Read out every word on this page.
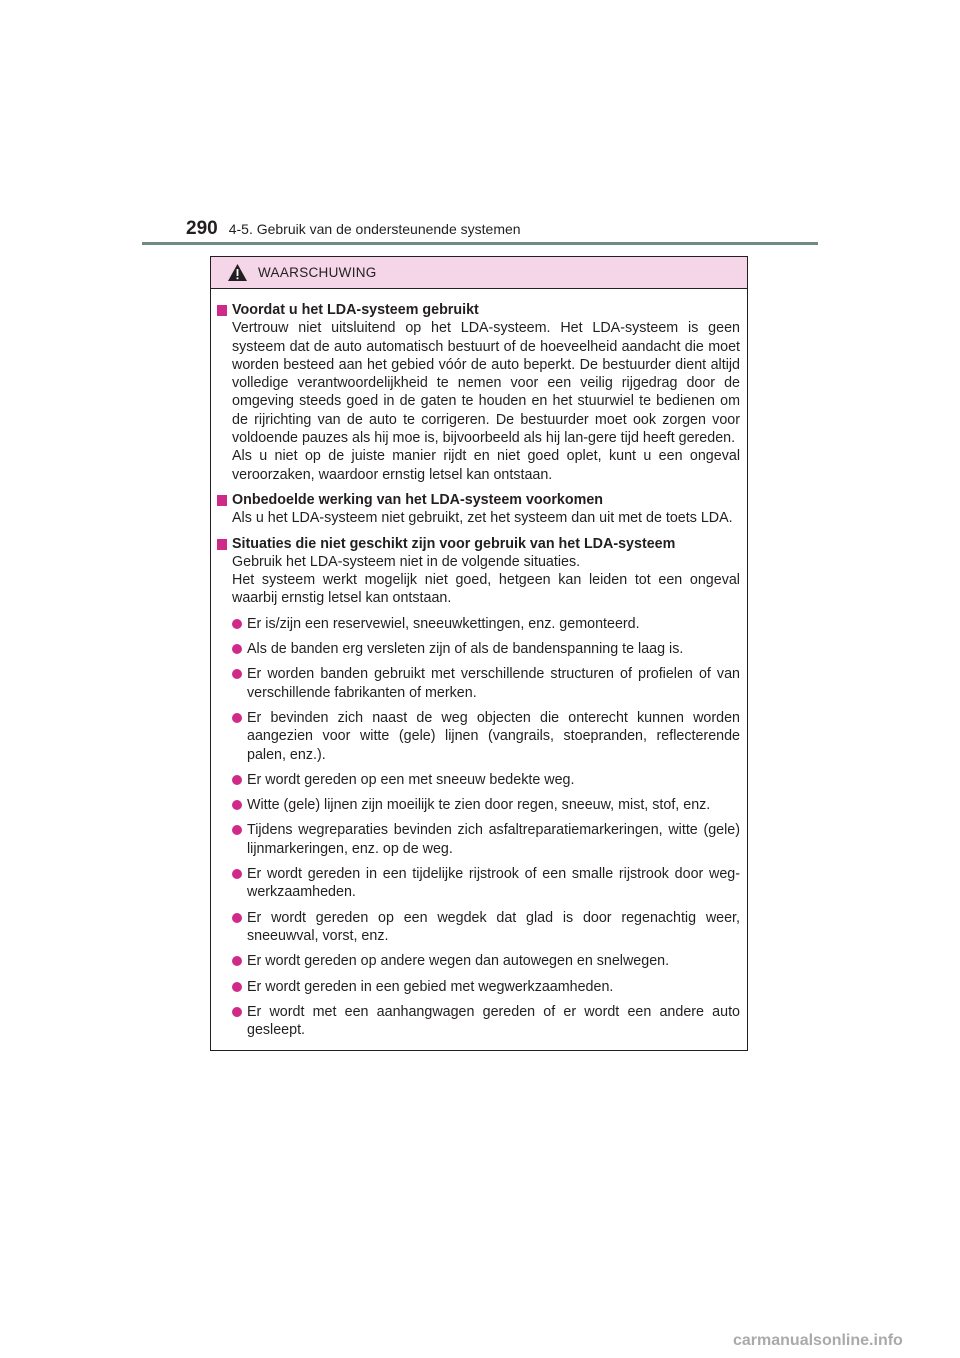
290 4-5. Gebruik van de ondersteunende systemen
WAARSCHUWING
Voordat u het LDA-systeem gebruikt
Vertrouw niet uitsluitend op het LDA-systeem. Het LDA-systeem is geen systeem dat de auto automatisch bestuurt of de hoeveelheid aandacht die moet worden besteed aan het gebied vóór de auto beperkt. De bestuurder dient altijd volledige verantwoordelijkheid te nemen voor een veilig rijgedrag door de omgeving steeds goed in de gaten te houden en het stuurwiel te bedienen om de rijrichting van de auto te corrigeren. De bestuurder moet ook zorgen voor voldoende pauzes als hij moe is, bijvoorbeeld als hij lan-gere tijd heeft gereden.
Als u niet op de juiste manier rijdt en niet goed oplet, kunt u een ongeval veroorzaken, waardoor ernstig letsel kan ontstaan.
Onbedoelde werking van het LDA-systeem voorkomen
Als u het LDA-systeem niet gebruikt, zet het systeem dan uit met de toets LDA.
Situaties die niet geschikt zijn voor gebruik van het LDA-systeem
Gebruik het LDA-systeem niet in de volgende situaties.
Het systeem werkt mogelijk niet goed, hetgeen kan leiden tot een ongeval waarbij ernstig letsel kan ontstaan.
Er is/zijn een reservewiel, sneeuwkettingen, enz. gemonteerd.
Als de banden erg versleten zijn of als de bandenspanning te laag is.
Er worden banden gebruikt met verschillende structuren of profielen of van verschillende fabrikanten of merken.
Er bevinden zich naast de weg objecten die onterecht kunnen worden aangezien voor witte (gele) lijnen (vangrails, stoepranden, reflecterende palen, enz.).
Er wordt gereden op een met sneeuw bedekte weg.
Witte (gele) lijnen zijn moeilijk te zien door regen, sneeuw, mist, stof, enz.
Tijdens wegreparaties bevinden zich asfaltreparatiemarkeringen, witte (gele) lijnmarkeringen, enz. op de weg.
Er wordt gereden in een tijdelijke rijstrook of een smalle rijstrook door weg-werkzaamheden.
Er wordt gereden op een wegdek dat glad is door regenachtig weer, sneeuwval, vorst, enz.
Er wordt gereden op andere wegen dan autowegen en snelwegen.
Er wordt gereden in een gebied met wegwerkzaamheden.
Er wordt met een aanhangwagen gereden of er wordt een andere auto gesleept.
carmanualsonline.info
